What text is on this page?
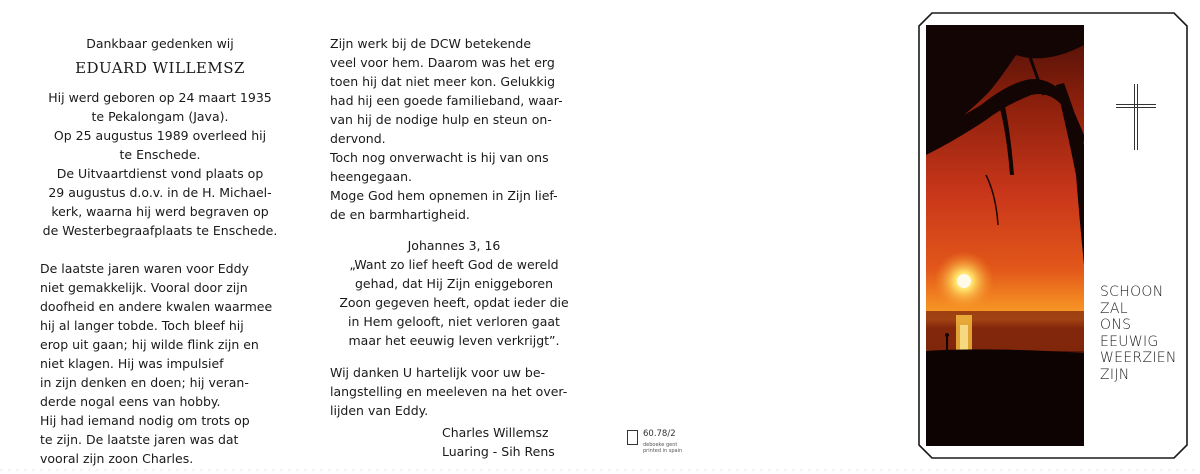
Dankbaar gedenken wij
EDUARD WILLEMSZ
Hij werd geboren op 24 maart 1935
te Pekalongam (Java).
Op 25 augustus 1989 overleed hij
te Enschede.
De Uitvaartdienst vond plaats op
29 augustus d.o.v. in de H. Michael-
kerk, waarna hij werd begraven op
de Westerbegraafplaats te Enschede.
De laatste jaren waren voor Eddy
niet gemakkelijk. Vooral door zijn
doofheid en andere kwalen waarmee
hij al langer tobde. Toch bleef hij
erop uit gaan; hij wilde flink zijn en
niet klagen. Hij was impulsief
in zijn denken en doen; hij veran-
derde nogal eens van hobby.
Hij had iemand nodig om trots op
te zijn. De laatste jaren was dat
vooral zijn zoon Charles.
Zijn werk bij de DCW betekende
veel voor hem. Daarom was het erg
toen hij dat niet meer kon. Gelukkig
had hij een goede familieband, waar-
van hij de nodige hulp en steun on-
dervond.
Toch nog onverwacht is hij van ons
heengegaan.
Moge God hem opnemen in Zijn lief-
de en barmhartigheid.
Johannes 3, 16
„Want zo lief heeft God de wereld
gehad, dat Hij Zijn eniggeboren
Zoon gegeven heeft, opdat ieder die
in Hem gelooft, niet verloren gaat
maar het eeuwig leven verkrijgt”.
Wij danken U hartelijk voor uw be-
langstelling en meeleven na het over-
lijden van Eddy.
Charles Willemsz
Luaring - Sih Rens
60.78/2
deboeke gent
printed in spain
SCHOON
ZAL
ONS
EEUWIG
WEERZIEN
ZIJN
